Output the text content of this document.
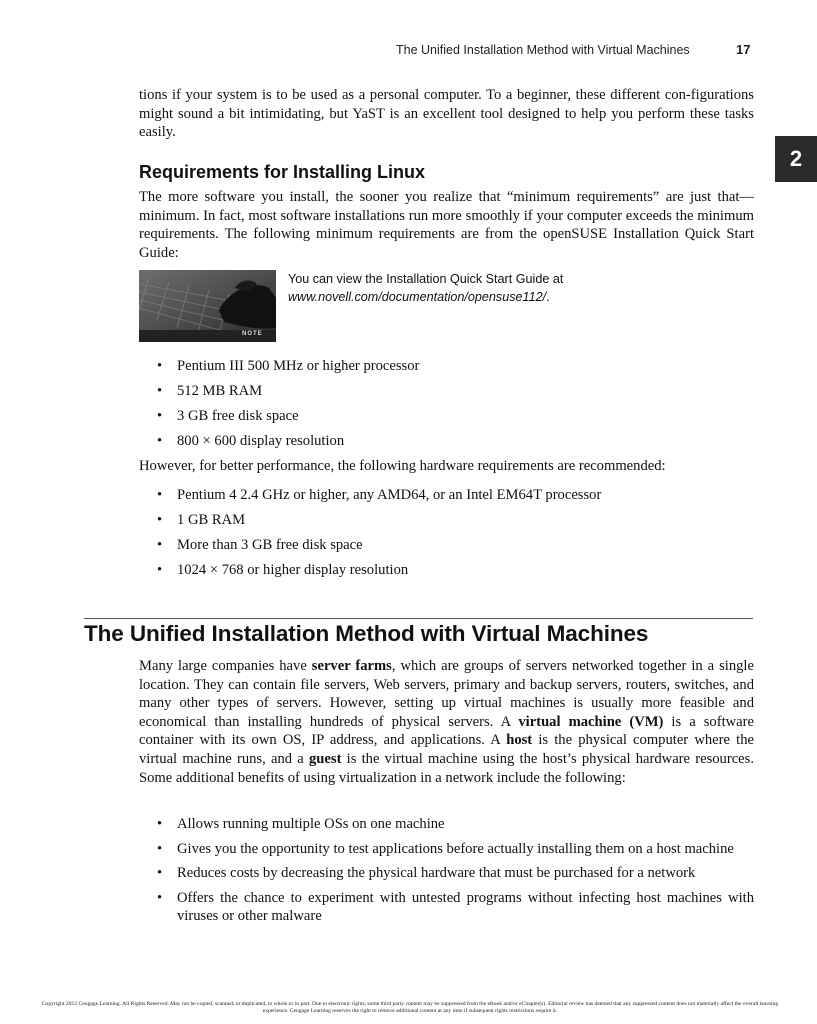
The Unified Installation Method with Virtual Machines	17
2

tions if your system is to be used as a personal computer. To a beginner, these different con-figurations might sound a bit intimidating, but YaST is an excellent tool designed to help you perform these tasks easily.

Requirements for Installing Linux

The more software you install, the sooner you realize that “minimum requirements” are just that—minimum. In fact, most software installations run more smoothly if your computer exceeds the minimum requirements. The following minimum requirements are from the openSUSE Installation Quick Start Guide:

NOTE
You can view the Installation Quick Start Guide at www.novell.com/documentation/opensuse112/.
• Pentium III 500 MHz or higher processor
• 512 MB RAM
• 3 GB free disk space
• 800 × 600 display resolution

However, for better performance, the following hardware requirements are recommended:

• Pentium 4 2.4 GHz or higher, any AMD64, or an Intel EM64T processor
• 1 GB RAM
• More than 3 GB free disk space
• 1024 × 768 or higher display resolution
The Unified Installation Method with Virtual Machines

Many large companies have server farms, which are groups of servers networked together in a single location. They can contain file servers, Web servers, primary and backup servers, routers, switches, and many other types of servers. However, setting up virtual machines is usually more feasible and economical than installing hundreds of physical servers. A virtual machine (VM) is a software container with its own OS, IP address, and applications. A host is the physical computer where the virtual machine runs, and a guest is the virtual machine using the host’s physical hardware resources. Some additional benefits of using virtualization in a network include the following:

• Allows running multiple OSs on one machine
• Gives you the opportunity to test applications before actually installing them on a host machine
• Reduces costs by decreasing the physical hardware that must be purchased for a network
• Offers the chance to experiment with untested programs without infecting host machines with viruses or other malware
Copyright 2012 Cengage Learning. All Rights Reserved. May not be copied, scanned, or duplicated, in whole or in part. Due to electronic rights, some third party content may be suppressed from the eBook and/or eChapter(s). Editorial review has deemed that any suppressed content does not materially affect the overall learning experience. Cengage Learning reserves the right to remove additional content at any time if subsequent rights restrictions require it.
